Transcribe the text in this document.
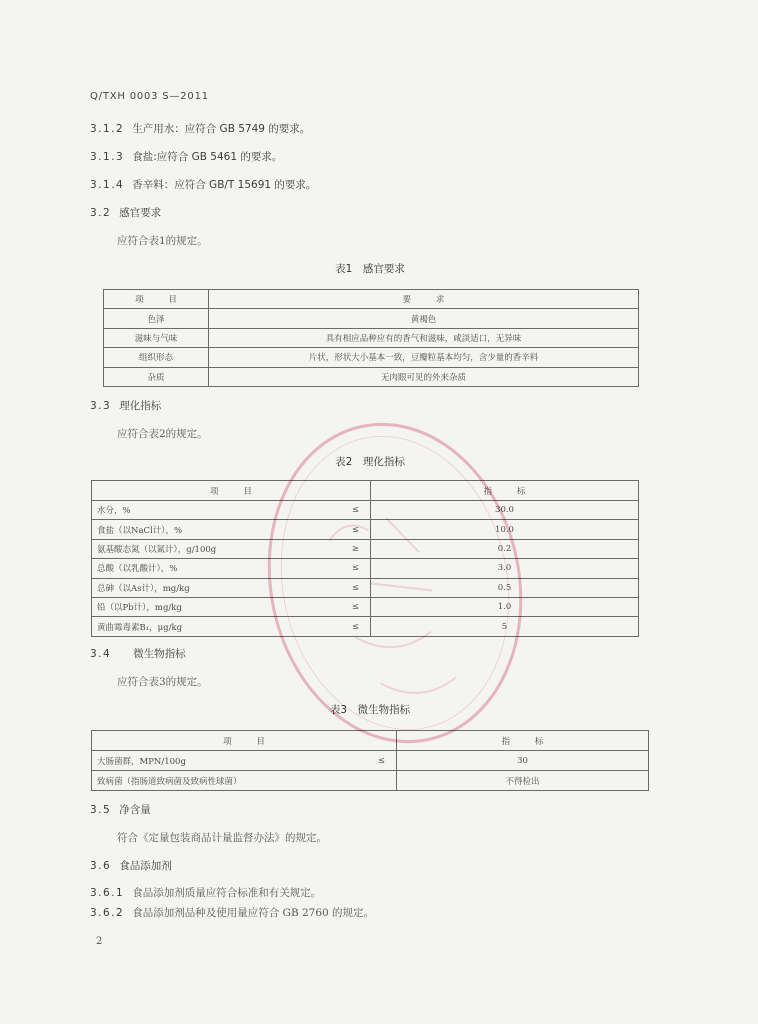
Q/TXH 0003 S—2011
3.1.2 生产用水：应符合 GB 5749 的要求。
3.1.3 食盐:应符合 GB 5461 的要求。
3.1.4 香辛料：应符合 GB/T 15691 的要求。
3.2 感官要求
应符合表1的规定。
表1　感官要求
项 目	要 求
色泽	黄褐色
滋味与气味	具有相应品种应有的香气和滋味，咸淡适口，无异味
组织形态	片状，形状大小基本一致，豆瓣粒基本均匀，含少量的香辛料
杂质	无肉眼可见的外来杂质
3.3 理化指标
应符合表2的规定。
表2　理化指标
项 目	指 标

水分，% ≤	30.0

食盐（以NaCl计），% ≤	10.0

氨基酸态氮（以氮计），g/100g ≥	0.2

总酸（以乳酸计），% ≤	3.0

总砷（以As计），mg/kg ≤	0.5

铅（以Pb计），mg/kg ≤	1.0

黄曲霉毒素B₁，μg/kg ≤	5
3.4 微生物指标
应符合表3的规定。
表3　微生物指标
项 目	指 标

大肠菌群，MPN/100g ≤	30

致病菌（指肠道致病菌及致病性球菌）	不得检出
3.5 净含量
符合《定量包装商品计量监督办法》的规定。
3.6 食品添加剂
3.6.1 食品添加剂质量应符合标准和有关规定。
3.6.2 食品添加剂品种及使用量应符合 GB 2760 的规定。
2
